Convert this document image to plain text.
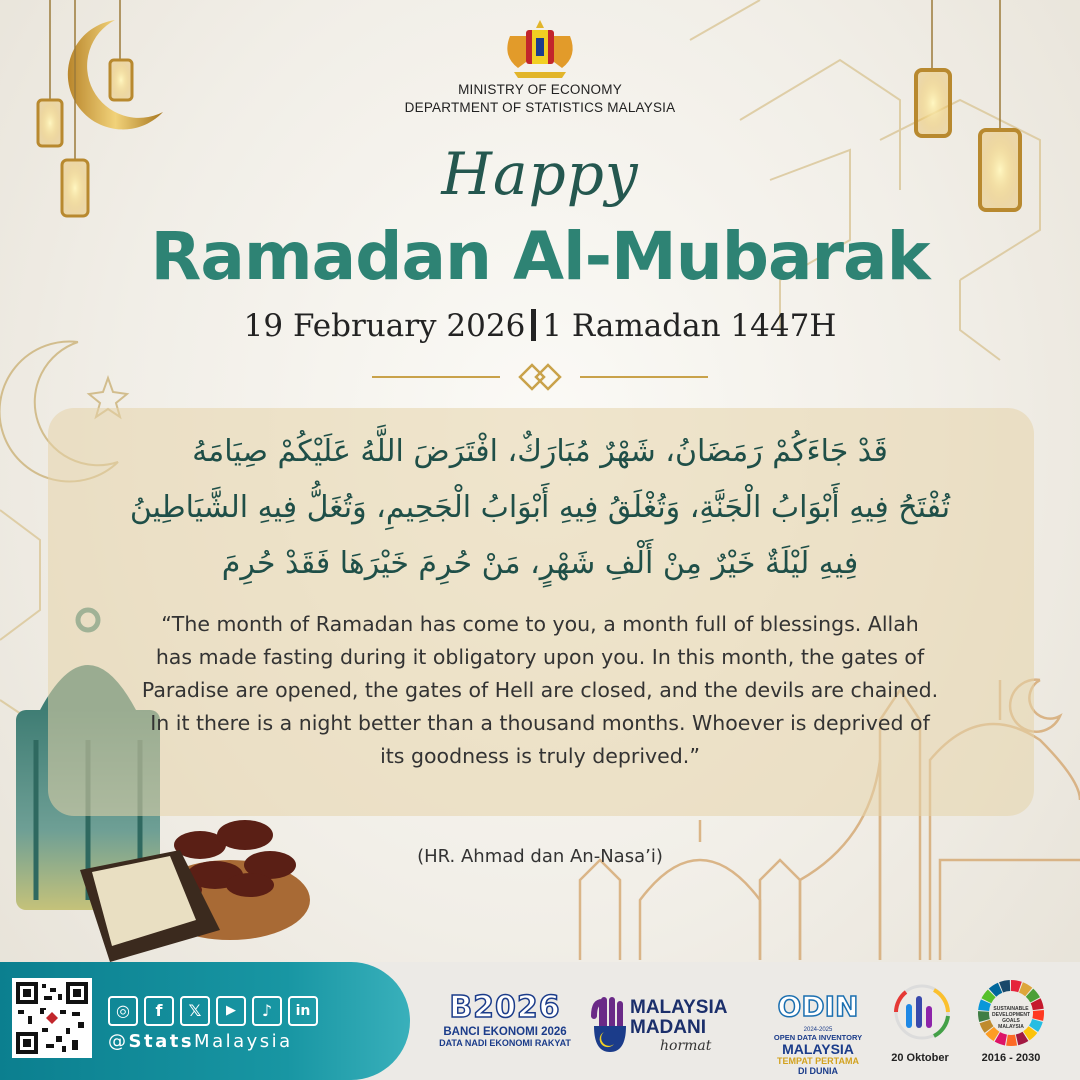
MINISTRY OF ECONOMY
DEPARTMENT OF STATISTICS MALAYSIA
Happy
Ramadan Al-Mubarak
19 February 2026 1 Ramadan 1447H
قَدْ جَاءَكُمْ رَمَضَانُ، شَهْرٌ مُبَارَكٌ، افْتَرَضَ اللَّهُ عَلَيْكُمْ صِيَامَهُ
تُفْتَحُ فِيهِ أَبْوَابُ الْجَنَّةِ، وَتُغْلَقُ فِيهِ أَبْوَابُ الْجَحِيمِ، وَتُغَلُّ فِيهِ الشَّيَاطِينُ
فِيهِ لَيْلَةٌ خَيْرٌ مِنْ أَلْفِ شَهْرٍ، مَنْ حُرِمَ خَيْرَهَا فَقَدْ حُرِمَ
“The month of Ramadan has come to you, a month full of blessings. Allah has made fasting during it obligatory upon you. In this month, the gates of Paradise are opened, the gates of Hell are closed, and the devils are chained. In it there is a night better than a thousand months. Whoever is deprived of its goodness is truly deprived.”
(HR. Ahmad dan An-Nasa’i)
◎	f	𝕏	▶	♪	in
@StatsMalaysia
B2026
BANCI EKONOMI 2026
DATA NADI EKONOMI RAKYAT
MALAYSIA
MADANI
hormat
ODIN
2024-2025
OPEN DATA INVENTORY
MALAYSIA
TEMPAT PERTAMA
DI DUNIA
20 Oktober
SUSTAINABLE DEVELOPMENT GOALS MALAYSIA
2016 - 2030
